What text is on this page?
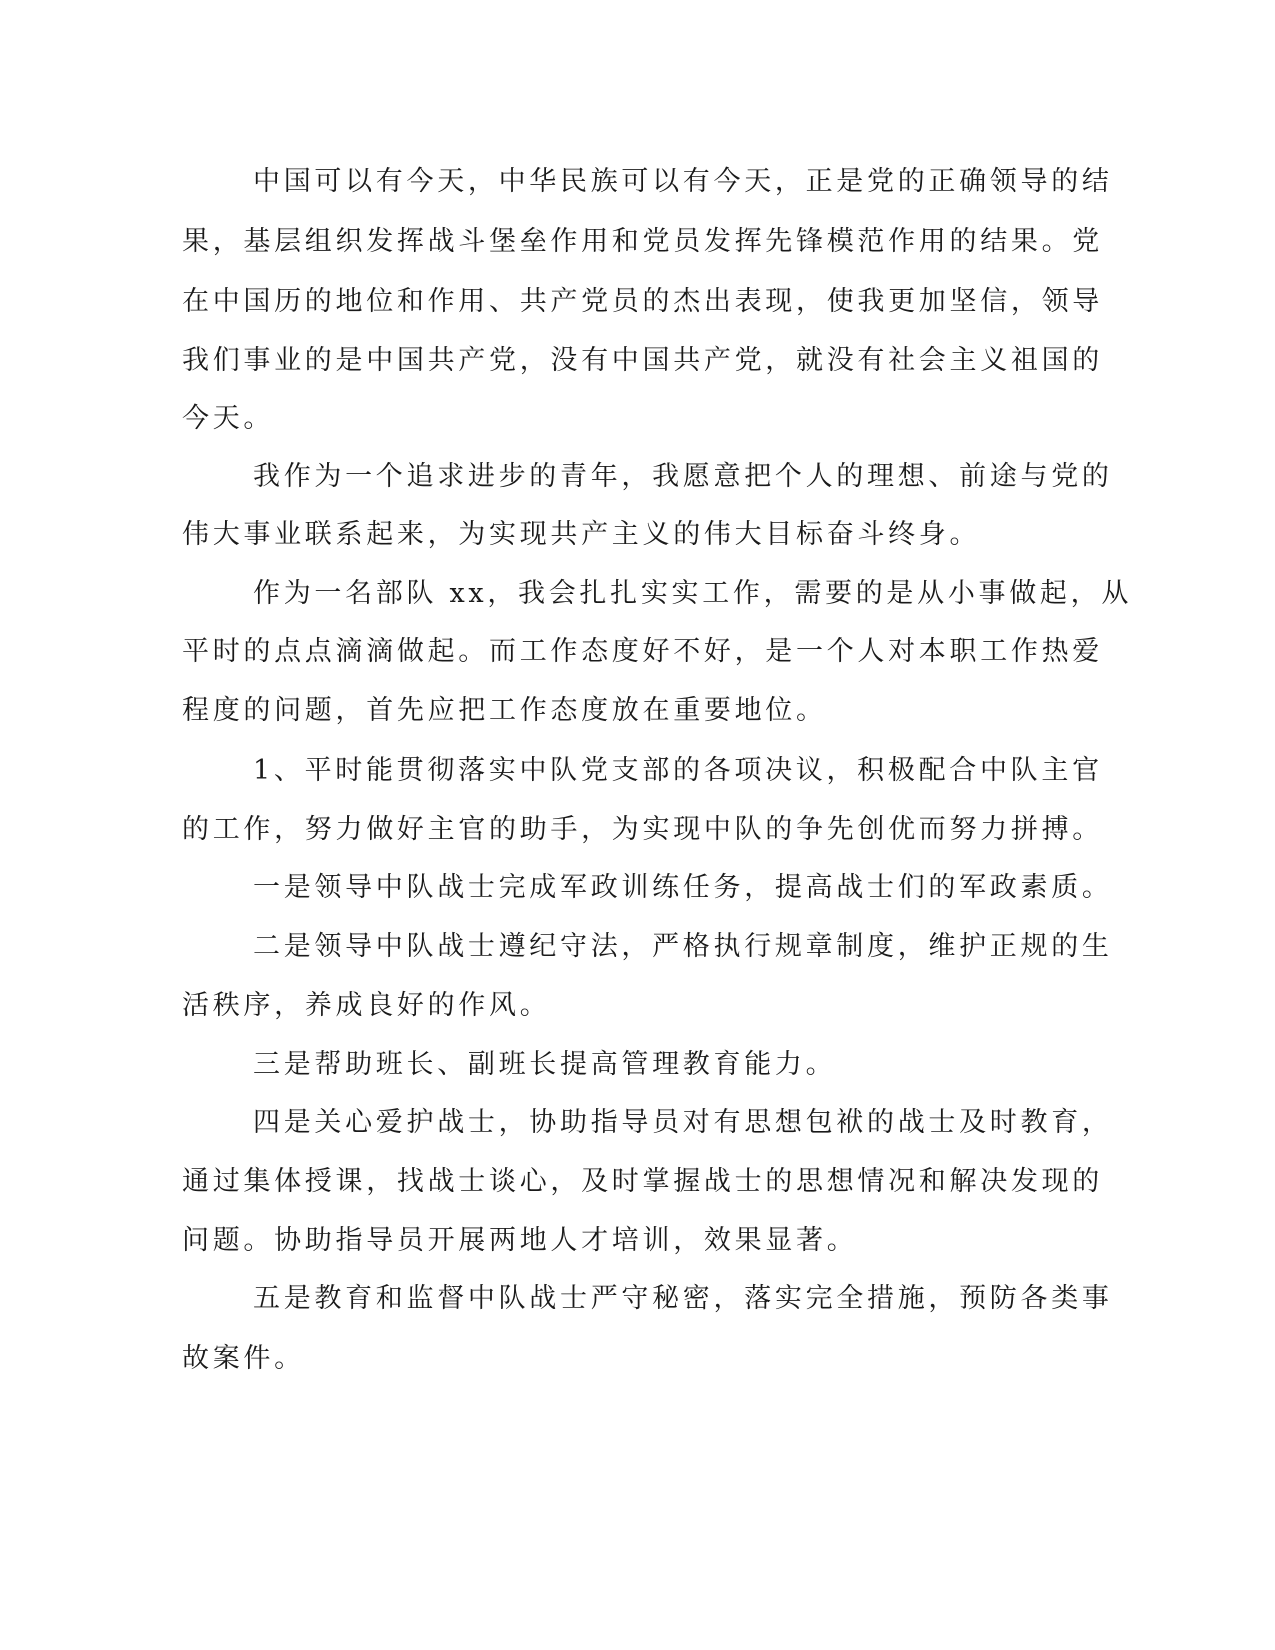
中国可以有今天，中华民族可以有今天，正是党的正确领导的结
果，基层组织发挥战斗堡垒作用和党员发挥先锋模范作用的结果。党
在中国历的地位和作用、共产党员的杰出表现，使我更加坚信，领导
我们事业的是中国共产党，没有中国共产党，就没有社会主义祖国的
今天。
我作为一个追求进步的青年，我愿意把个人的理想、前途与党的
伟大事业联系起来，为实现共产主义的伟大目标奋斗终身。
作为一名部队 xx，我会扎扎实实工作，需要的是从小事做起，从
平时的点点滴滴做起。而工作态度好不好，是一个人对本职工作热爱
程度的问题，首先应把工作态度放在重要地位。
1、平时能贯彻落实中队党支部的各项决议，积极配合中队主官
的工作，努力做好主官的助手，为实现中队的争先创优而努力拼搏。
一是领导中队战士完成军政训练任务，提高战士们的军政素质。
二是领导中队战士遵纪守法，严格执行规章制度，维护正规的生
活秩序，养成良好的作风。
三是帮助班长、副班长提高管理教育能力。
四是关心爱护战士，协助指导员对有思想包袱的战士及时教育，
通过集体授课，找战士谈心，及时掌握战士的思想情况和解决发现的
问题。协助指导员开展两地人才培训，效果显著。
五是教育和监督中队战士严守秘密，落实完全措施，预防各类事
故案件。
